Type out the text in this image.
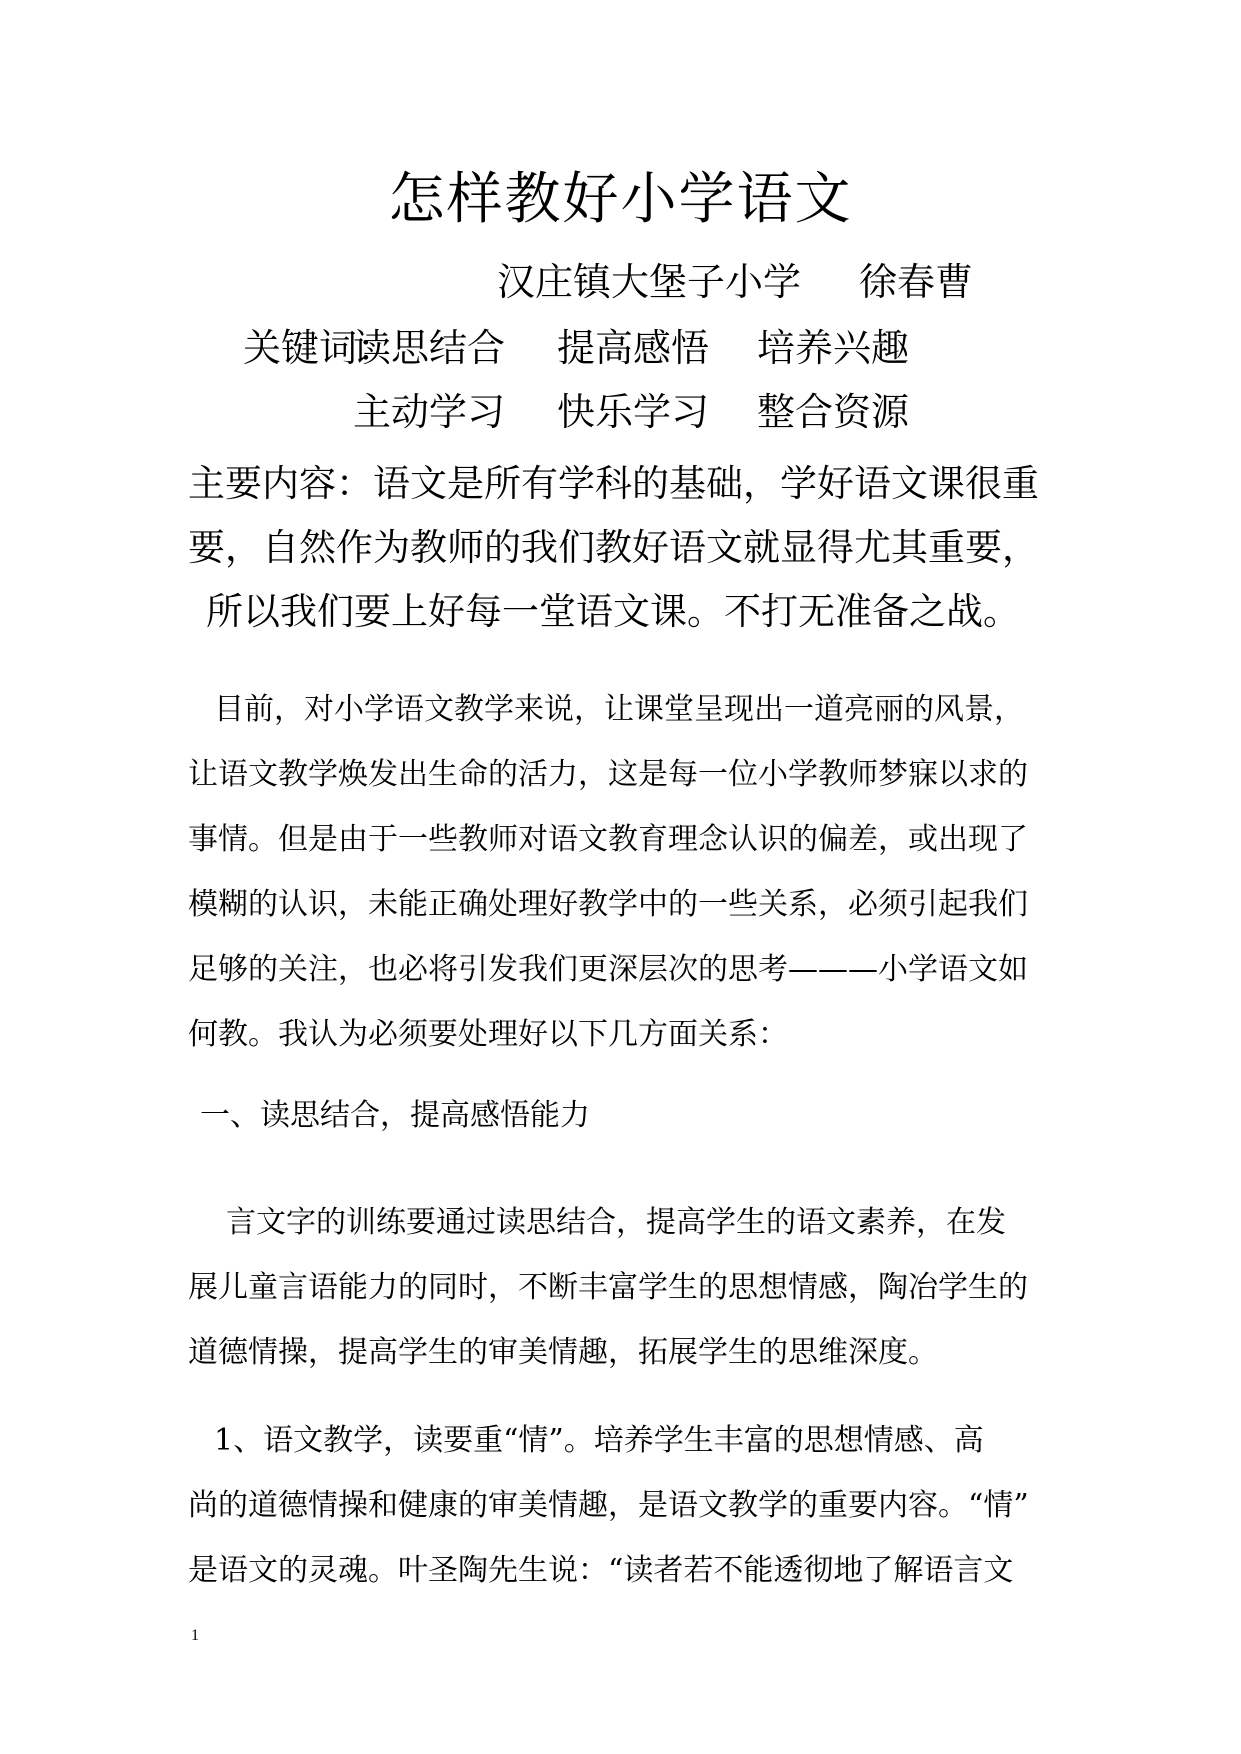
怎样教好小学语文
汉庄镇大堡子小学 徐春曹
关键词：
读思结合 提高感悟 培养兴趣
主动学习 快乐学习 整合资源
主要内容：语文是所有学科的基础，学好语文课很重
要，自然作为教师的我们教好语文就显得尤其重要，
所以我们要上好每一堂语文课。不打无准备之战。
目前，对小学语文教学来说，让课堂呈现出一道亮丽的风景，
让语文教学焕发出生命的活力，这是每一位小学教师梦寐以求的
事情。但是由于一些教师对语文教育理念认识的偏差，或出现了
模糊的认识，未能正确处理好教学中的一些关系，必须引起我们
足够的关注，也必将引发我们更深层次的思考———小学语文如
何教。我认为必须要处理好以下几方面关系：
一、读思结合，提高感悟能力
言文字的训练要通过读思结合，提高学生的语文素养，在发
展儿童言语能力的同时，不断丰富学生的思想情感，陶冶学生的
道德情操，提高学生的审美情趣，拓展学生的思维深度。
1、语文教学，读要重“情”。培养学生丰富的思想情感、高
尚的道德情操和健康的审美情趣，是语文教学的重要内容。“情”
是语文的灵魂。叶圣陶先生说：“读者若不能透彻地了解语言文
1
